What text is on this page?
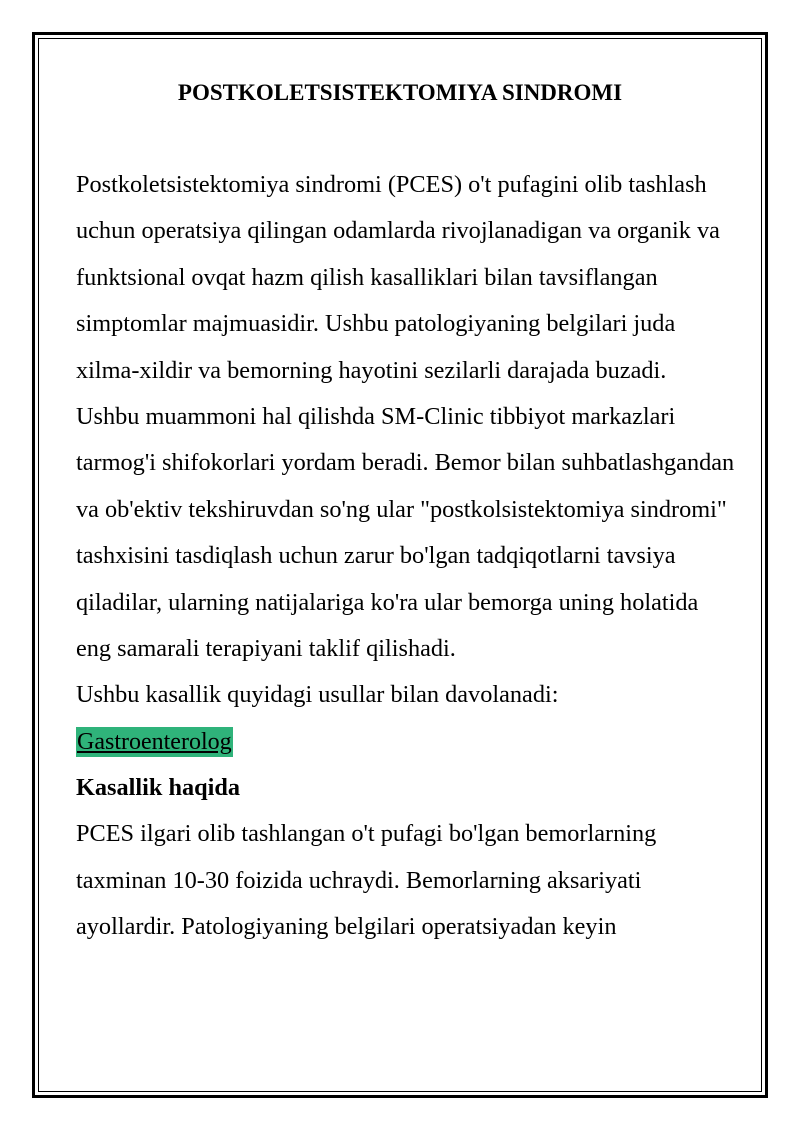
POSTKOLETSISTEKTOMIYA SINDROMI

Postkoletsistektomiya sindromi (PCES) o't pufagini olib tashlash uchun operatsiya qilingan odamlarda rivojlanadigan va organik va funktsional ovqat hazm qilish kasalliklari bilan tavsiflangan simptomlar majmuasidir. Ushbu patologiyaning belgilari juda xilma-xildir va bemorning hayotini sezilarli darajada buzadi.

Ushbu muammoni hal qilishda SM-Clinic tibbiyot markazlari tarmog'i shifokorlari yordam beradi. Bemor bilan suhbatlashgandan va ob'ektiv tekshiruvdan so'ng ular "postkolsistektomiya sindromi" tashxisini tasdiqlash uchun zarur bo'lgan tadqiqotlarni tavsiya qiladilar, ularning natijalariga ko'ra ular bemorga uning holatida eng samarali terapiyani taklif qilishadi.

Ushbu kasallik quyidagi usullar bilan davolanadi:

Gastroenterolog

Kasallik haqida

PCES ilgari olib tashlangan o't pufagi bo'lgan bemorlarning taxminan 10-30 foizida uchraydi. Bemorlarning aksariyati ayollardir. Patologiyaning belgilari operatsiyadan keyin
